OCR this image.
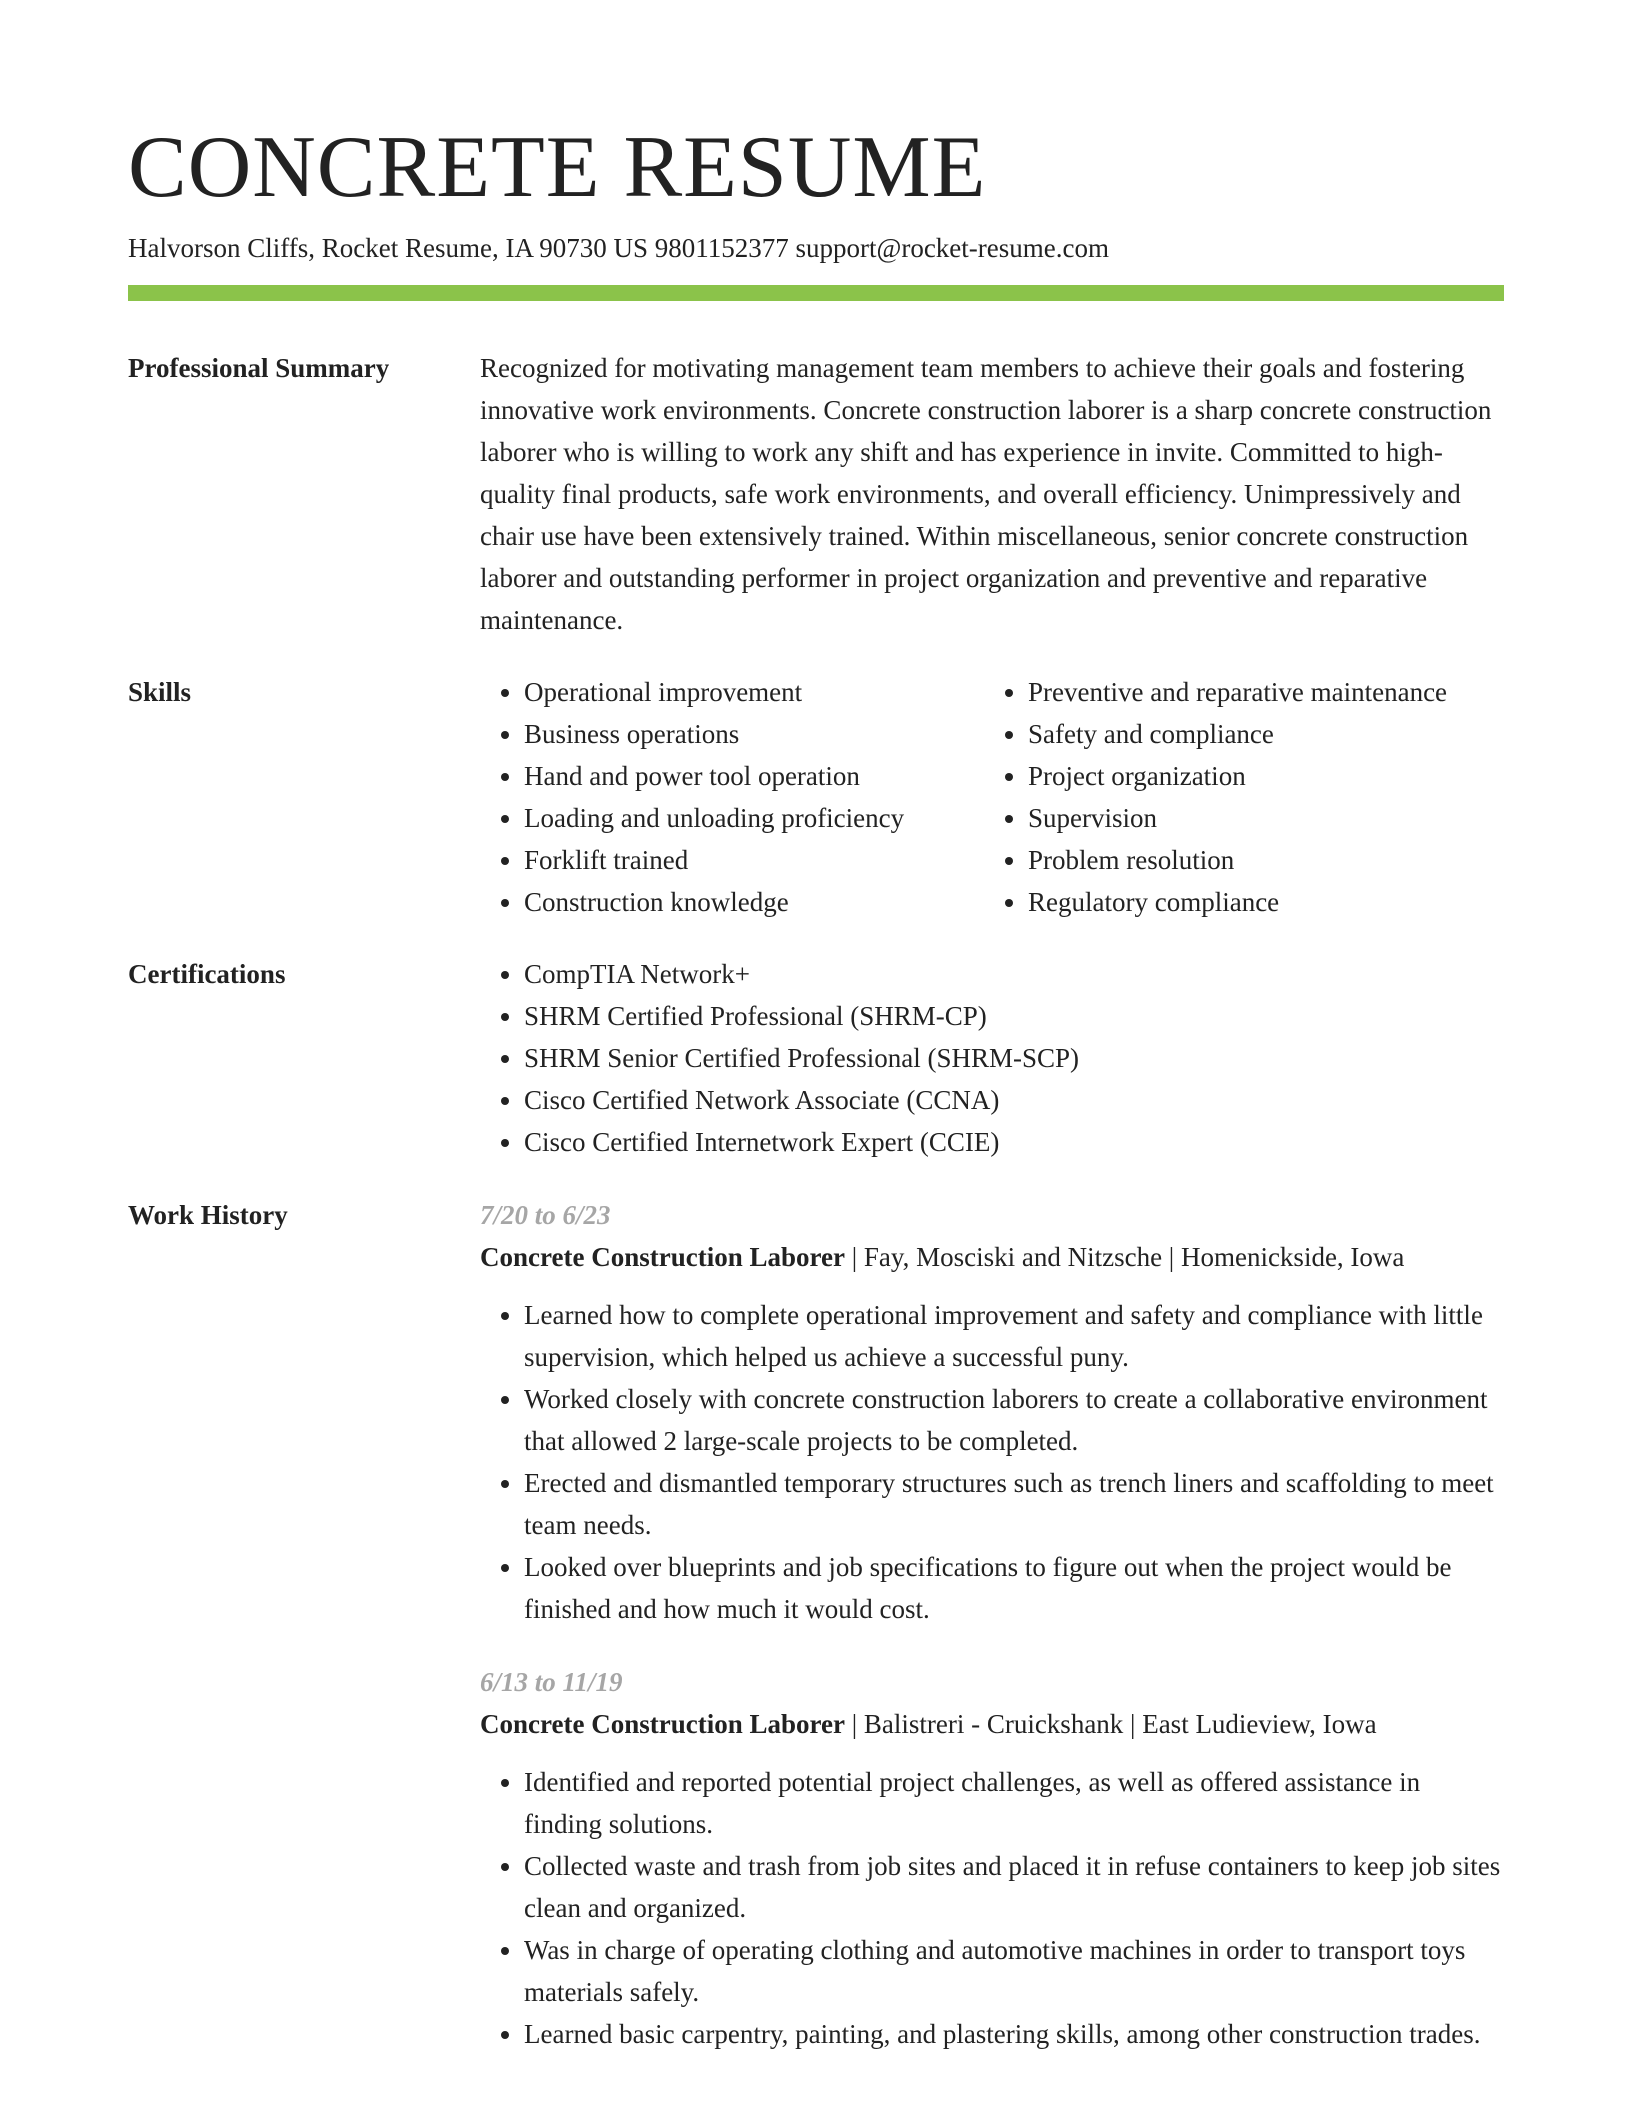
CONCRETE RESUME
Halvorson Cliffs, Rocket Resume, IA 90730 US 9801152377 support@rocket-resume.com
Professional Summary	Recognized for motivating management team members to achieve their goals and fostering innovative work environments. Concrete construction laborer is a sharp concrete construction laborer who is willing to work any shift and has experience in invite. Committed to high-quality final products, safe work environments, and overall efficiency. Unimpressively and chair use have been extensively trained. Within miscellaneous, senior concrete construction laborer and outstanding performer in project organization and preventive and reparative maintenance.

Skills	• Operational improvement
• Business operations
• Hand and power tool operation
• Loading and unloading proficiency
• Forklift trained
• Construction knowledge
• Preventive and reparative maintenance
• Safety and compliance
• Project organization
• Supervision
• Problem resolution
• Regulatory compliance
Certifications	• CompTIA Network+
• SHRM Certified Professional (SHRM-CP)
• SHRM Senior Certified Professional (SHRM-SCP)
• Cisco Certified Network Associate (CCNA)
• Cisco Certified Internetwork Expert (CCIE)
Work History	7/20 to 6/23
Concrete Construction Laborer | Fay, Mosciski and Nitzsche | Homenickside, Iowa
• Learned how to complete operational improvement and safety and compliance with little supervision, which helped us achieve a successful puny.
• Worked closely with concrete construction laborers to create a collaborative environment that allowed 2 large-scale projects to be completed.
• Erected and dismantled temporary structures such as trench liners and scaffolding to meet team needs.
• Looked over blueprints and job specifications to figure out when the project would be finished and how much it would cost.
6/13 to 11/19
Concrete Construction Laborer | Balistreri - Cruickshank | East Ludieview, Iowa
• Identified and reported potential project challenges, as well as offered assistance in finding solutions.
• Collected waste and trash from job sites and placed it in refuse containers to keep job sites clean and organized.
• Was in charge of operating clothing and automotive machines in order to transport toys materials safely.
• Learned basic carpentry, painting, and plastering skills, among other construction trades.
